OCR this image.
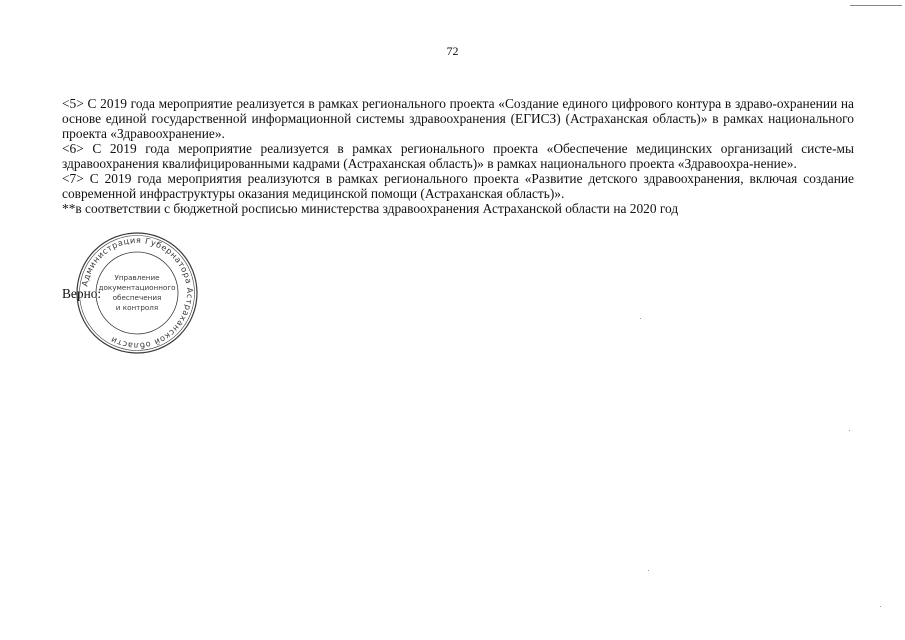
72

<5> С 2019 года мероприятие реализуется в рамках регионального проекта «Создание единого цифрового контура в здраво-охранении на основе единой государственной информационной системы здравоохранения (ЕГИСЗ) (Астраханская область)» в рамках национального проекта «Здравоохранение».

<6> С 2019 года мероприятие реализуется в рамках регионального проекта «Обеспечение медицинских организаций систе-мы здравоохранения квалифицированными кадрами (Астраханская область)» в рамках национального проекта «Здравоохра-нение».

<7> С 2019 года мероприятия реализуются в рамках регионального проекта «Развитие детского здравоохранения, включая создание современной инфраструктуры оказания медицинской помощи (Астраханская область)».

**в соответствии с бюджетной росписью министерства здравоохранения Астраханской области на 2020 год

Верно:
Администрация Губернатора Астраханской области
Управление
документационного
обеспечения
и контроля
